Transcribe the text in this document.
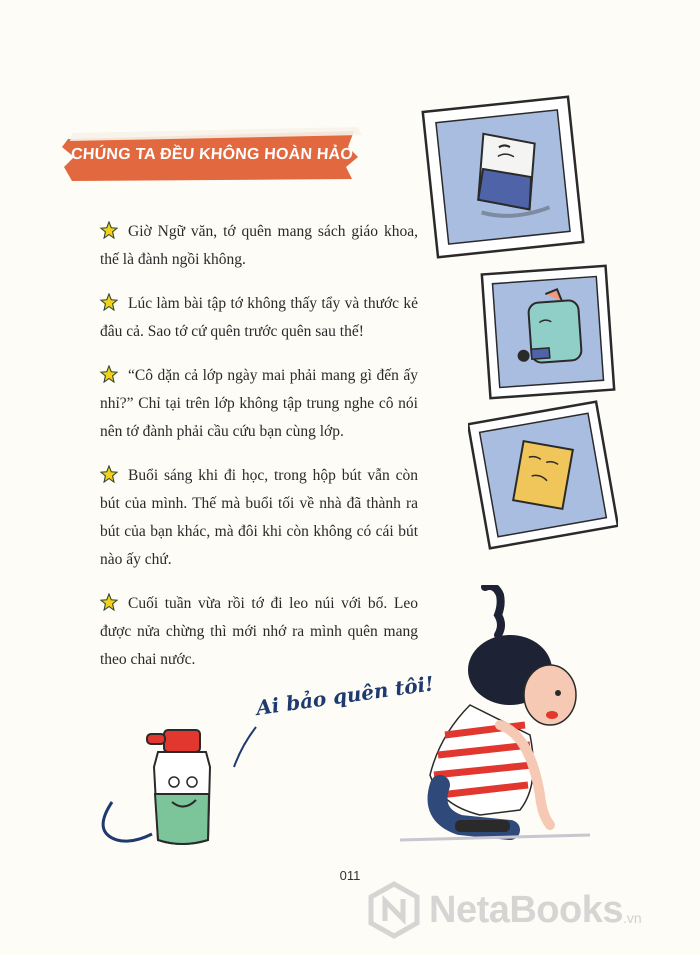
CHÚNG TA ĐỀU KHÔNG HOÀN HẢO
Giờ Ngữ văn, tớ quên mang sách giáo khoa, thế là đành ngồi không.
Lúc làm bài tập tớ không thấy tẩy và thước kẻ đâu cả. Sao tớ cứ quên trước quên sau thế!
“Cô dặn cả lớp ngày mai phải mang gì đến ấy nhỉ?” Chỉ tại trên lớp không tập trung nghe cô nói nên tớ đành phải cầu cứu bạn cùng lớp.
Buổi sáng khi đi học, trong hộp bút vẫn còn bút của mình. Thế mà buổi tối về nhà đã thành ra bút của bạn khác, mà đôi khi còn không có cái bút nào ấy chứ.
Cuối tuần vừa rồi tớ đi leo núi với bố. Leo được nửa chừng thì mới nhớ ra mình quên mang theo chai nước.
Ai bảo quên tôi!
011
NetaBooks .vn
